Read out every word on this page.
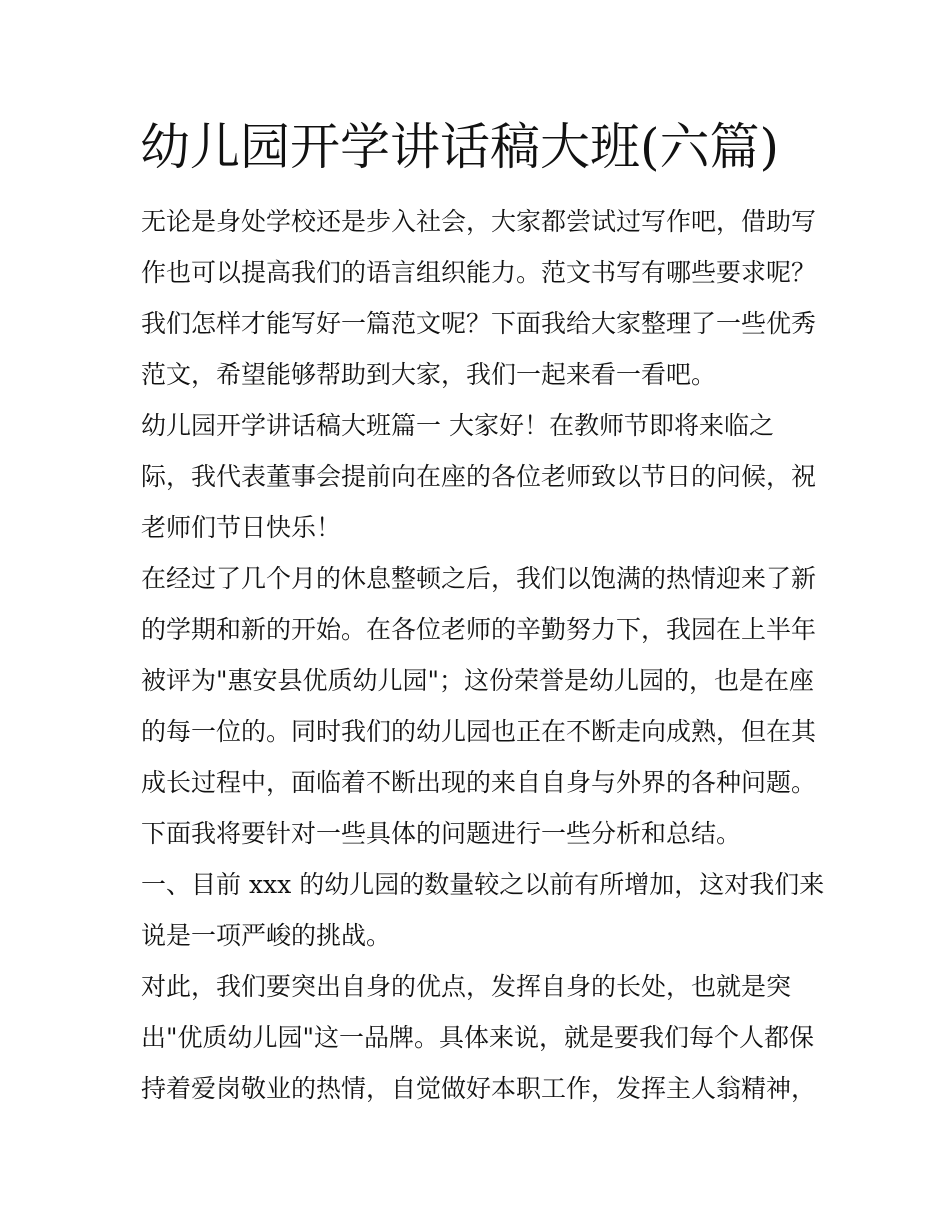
幼儿园开学讲话稿大班(六篇)
无论是身处学校还是步入社会，大家都尝试过写作吧，借助写
作也可以提高我们的语言组织能力。范文书写有哪些要求呢？
我们怎样才能写好一篇范文呢？下面我给大家整理了一些优秀
范文，希望能够帮助到大家，我们一起来看一看吧。
幼儿园开学讲话稿大班篇一 大家好！在教师节即将来临之
际，我代表董事会提前向在座的各位老师致以节日的问候，祝
老师们节日快乐！
在经过了几个月的休息整顿之后，我们以饱满的热情迎来了新
的学期和新的开始。在各位老师的辛勤努力下，我园在上半年
被评为"惠安县优质幼儿园"；这份荣誉是幼儿园的，也是在座
的每一位的。同时我们的幼儿园也正在不断走向成熟，但在其
成长过程中，面临着不断出现的来自自身与外界的各种问题。
下面我将要针对一些具体的问题进行一些分析和总结。
一、目前 xxx 的幼儿园的数量较之以前有所增加，这对我们来
说是一项严峻的挑战。
对此，我们要突出自身的优点，发挥自身的长处，也就是突
出"优质幼儿园"这一品牌。具体来说，就是要我们每个人都保
持着爱岗敬业的热情，自觉做好本职工作，发挥主人翁精神，
